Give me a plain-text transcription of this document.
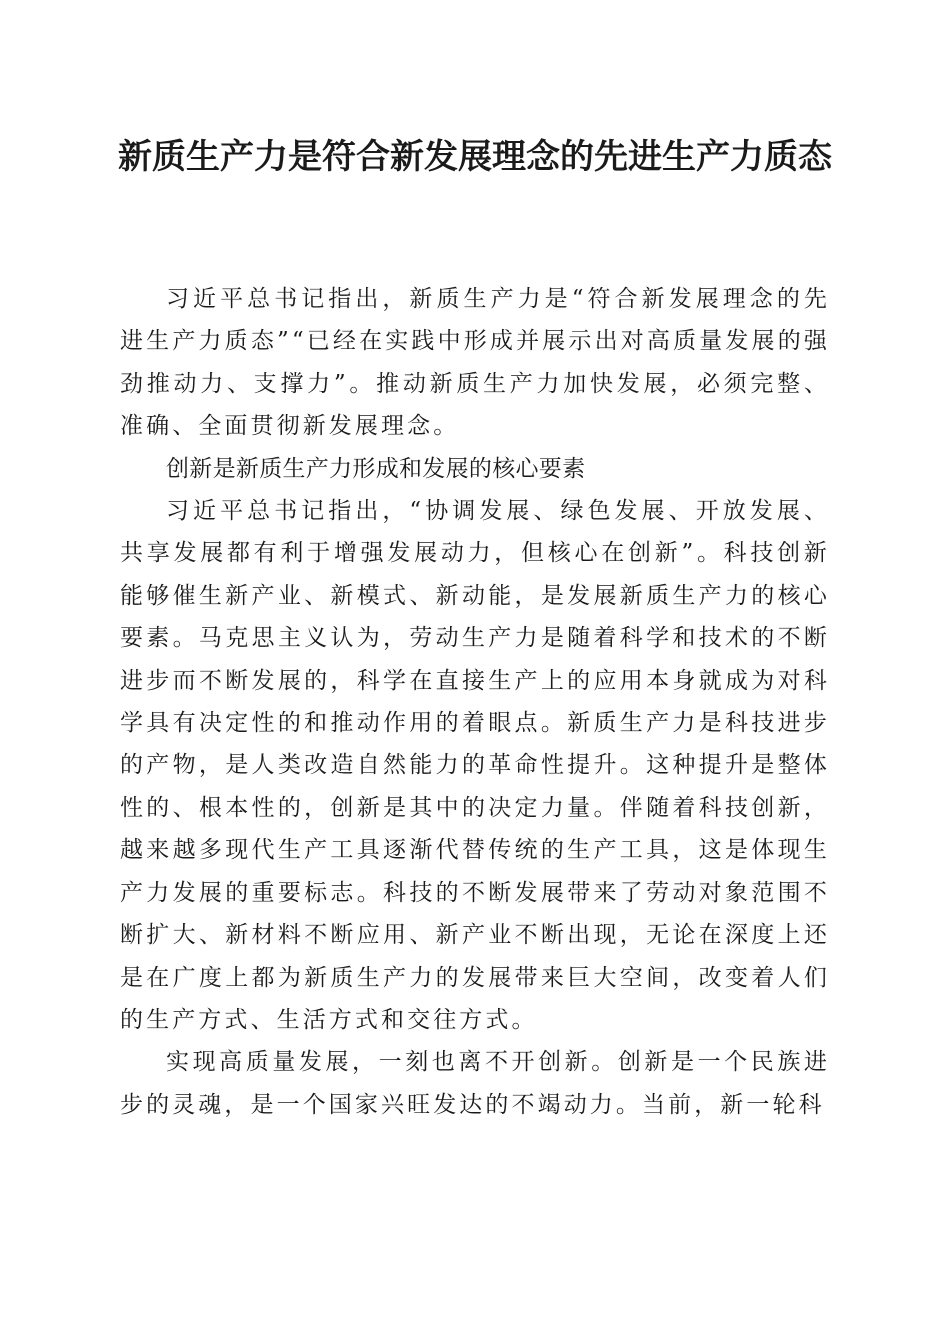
新质生产力是符合新发展理念的先进生产力质态

习近平总书记指出，新质生产力是“符合新发展理念的先进生产力质态”“已经在实践中形成并展示出对高质量发展的强劲推动力、支撑力”。推动新质生产力加快发展，必须完整、准确、全面贯彻新发展理念。

创新是新质生产力形成和发展的核心要素

习近平总书记指出，“协调发展、绿色发展、开放发展、共享发展都有利于增强发展动力，但核心在创新”。科技创新能够催生新产业、新模式、新动能，是发展新质生产力的核心要素。马克思主义认为，劳动生产力是随着科学和技术的不断进步而不断发展的，科学在直接生产上的应用本身就成为对科学具有决定性的和推动作用的着眼点。新质生产力是科技进步的产物，是人类改造自然能力的革命性提升。这种提升是整体性的、根本性的，创新是其中的决定力量。伴随着科技创新，越来越多现代生产工具逐渐代替传统的生产工具，这是体现生产力发展的重要标志。科技的不断发展带来了劳动对象范围不断扩大、新材料不断应用、新产业不断出现，无论在深度上还是在广度上都为新质生产力的发展带来巨大空间，改变着人们的生产方式、生活方式和交往方式。

实现高质量发展，一刻也离不开创新。创新是一个民族进步的灵魂，是一个国家兴旺发达的不竭动力。当前，新一轮科
